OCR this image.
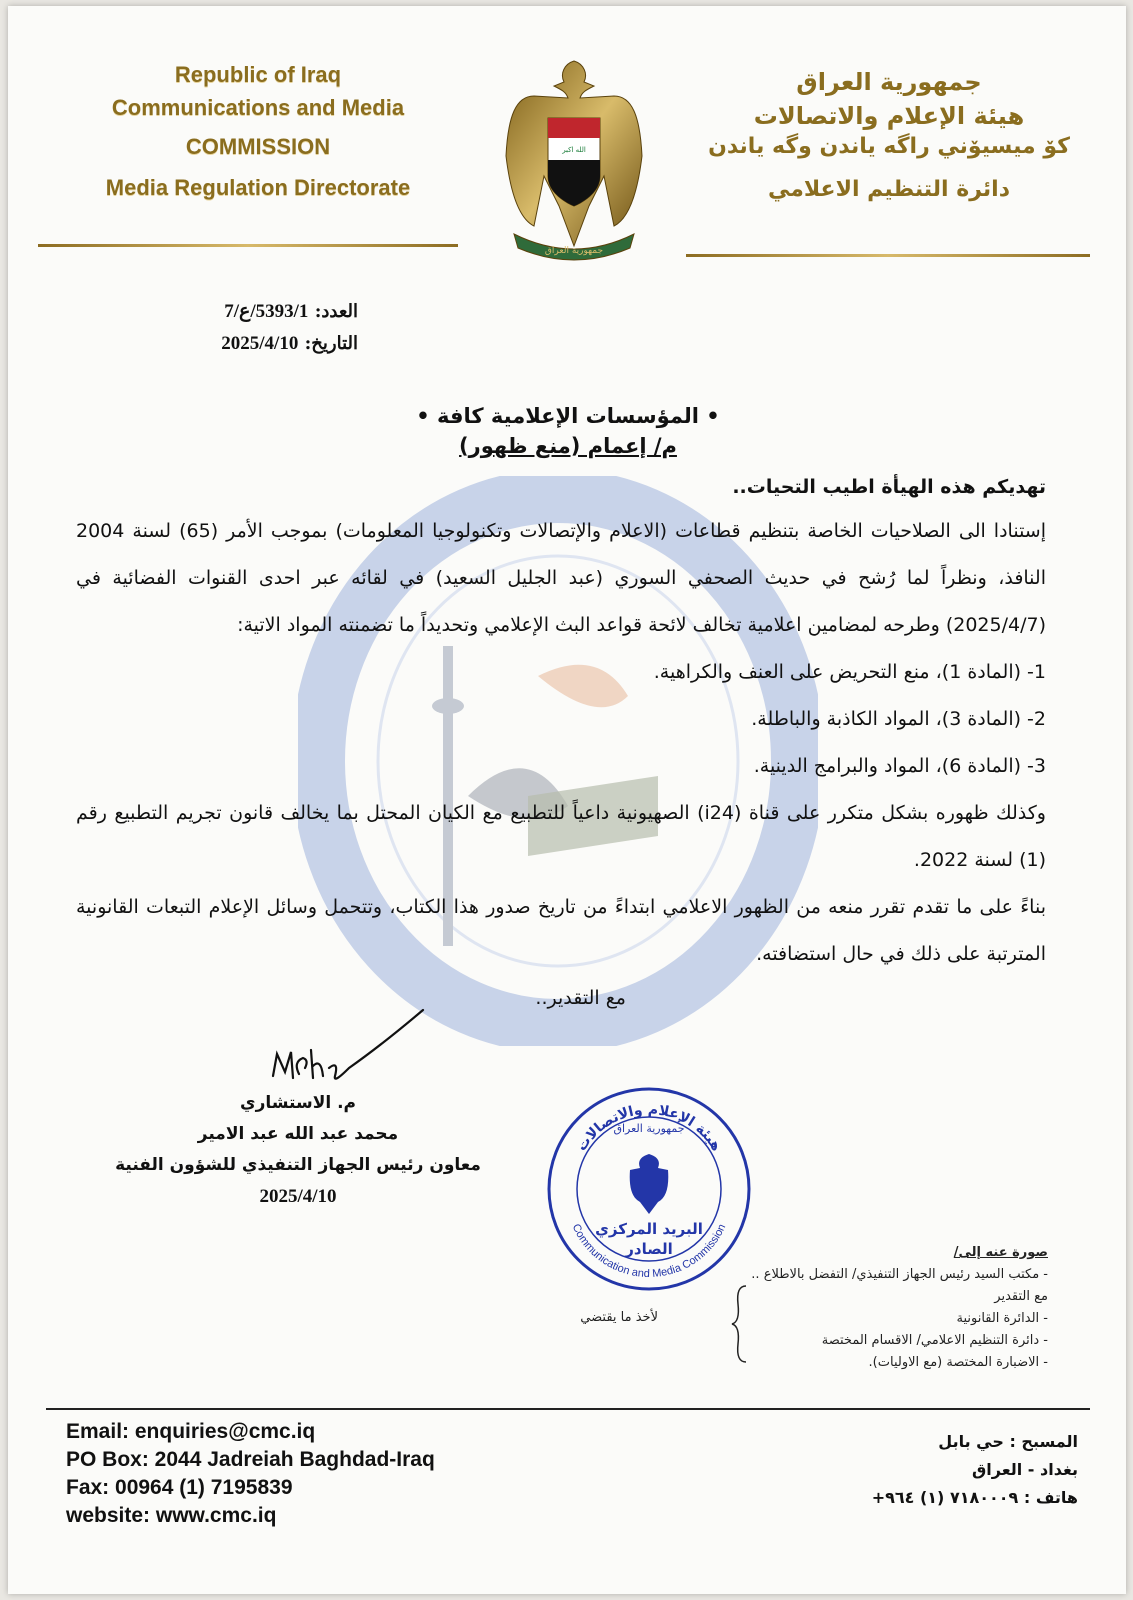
Republic of Iraq
Communications and Media
COMMISSION
Media Regulation Directorate
الله اكبر
جمهورية العراق
جمهورية العراق
هيئة الإعلام والاتصالات
كۆ ميسيۆني راگه ياندن وگه ياندن
دائرة التنظيم الاعلامي
العدد: 5393/1/ع/7
التاريخ: 2025/4/10
• المؤسسات الإعلامية كافة •
م/ إعمام (منع ظهور)
تهديكم هذه الهيأة اطيب التحيات..
إستنادا الى الصلاحيات الخاصة بتنظيم قطاعات (الاعلام والإتصالات وتكنولوجيا المعلومات) بموجب الأمر (65) لسنة 2004 النافذ، ونظراً لما رُشح في حديث الصحفي السوري (عبد الجليل السعيد) في لقائه عبر احدى القنوات الفضائية في (2025/4/7) وطرحه لمضامين اعلامية تخالف لائحة قواعد البث الإعلامي وتحديداً ما تضمنته المواد الاتية:
1- (المادة 1)، منع التحريض على العنف والكراهية.
2- (المادة 3)، المواد الكاذبة والباطلة.
3- (المادة 6)، المواد والبرامج الدينية.
وكذلك ظهوره بشكل متكرر على قناة (i24) الصهيونية داعياً للتطبيع مع الكيان المحتل بما يخالف قانون تجريم التطبيع رقم (1) لسنة 2022.
بناءً على ما تقدم تقرر منعه من الظهور الاعلامي ابتداءً من تاريخ صدور هذا الكتاب، وتتحمل وسائل الإعلام التبعات القانونية المترتبة على ذلك في حال استضافته.
مع التقدير..
م. الاستشاري
محمد عبد الله عبد الامير
معاون رئيس الجهاز التنفيذي للشؤون الفنية
2025/4/10
هيئة الإعلام والاتصالات
Communication and Media Commission
جمهورية العراق
البريد المركزي
الصادر	صورة عنه إلى/
- مكتب السيد رئيس الجهاز التنفيذي/ التفضل بالاطلاع .. مع التقدير
- الدائرة القانونية
- دائرة التنظيم الاعلامي/ الاقسام المختصة
- الاضبارة المختصة (مع الاوليات).
لأخذ ما يقتضي
Email: enquiries@cmc.iq
PO Box: 2044 Jadreiah Baghdad-Iraq
Fax: 00964 (1) 7195839
website: www.cmc.iq
المسبح : حي بابل
بغداد - العراق
هاتف : ٧١٨٠٠٠٩ (١) ٩٦٤+
